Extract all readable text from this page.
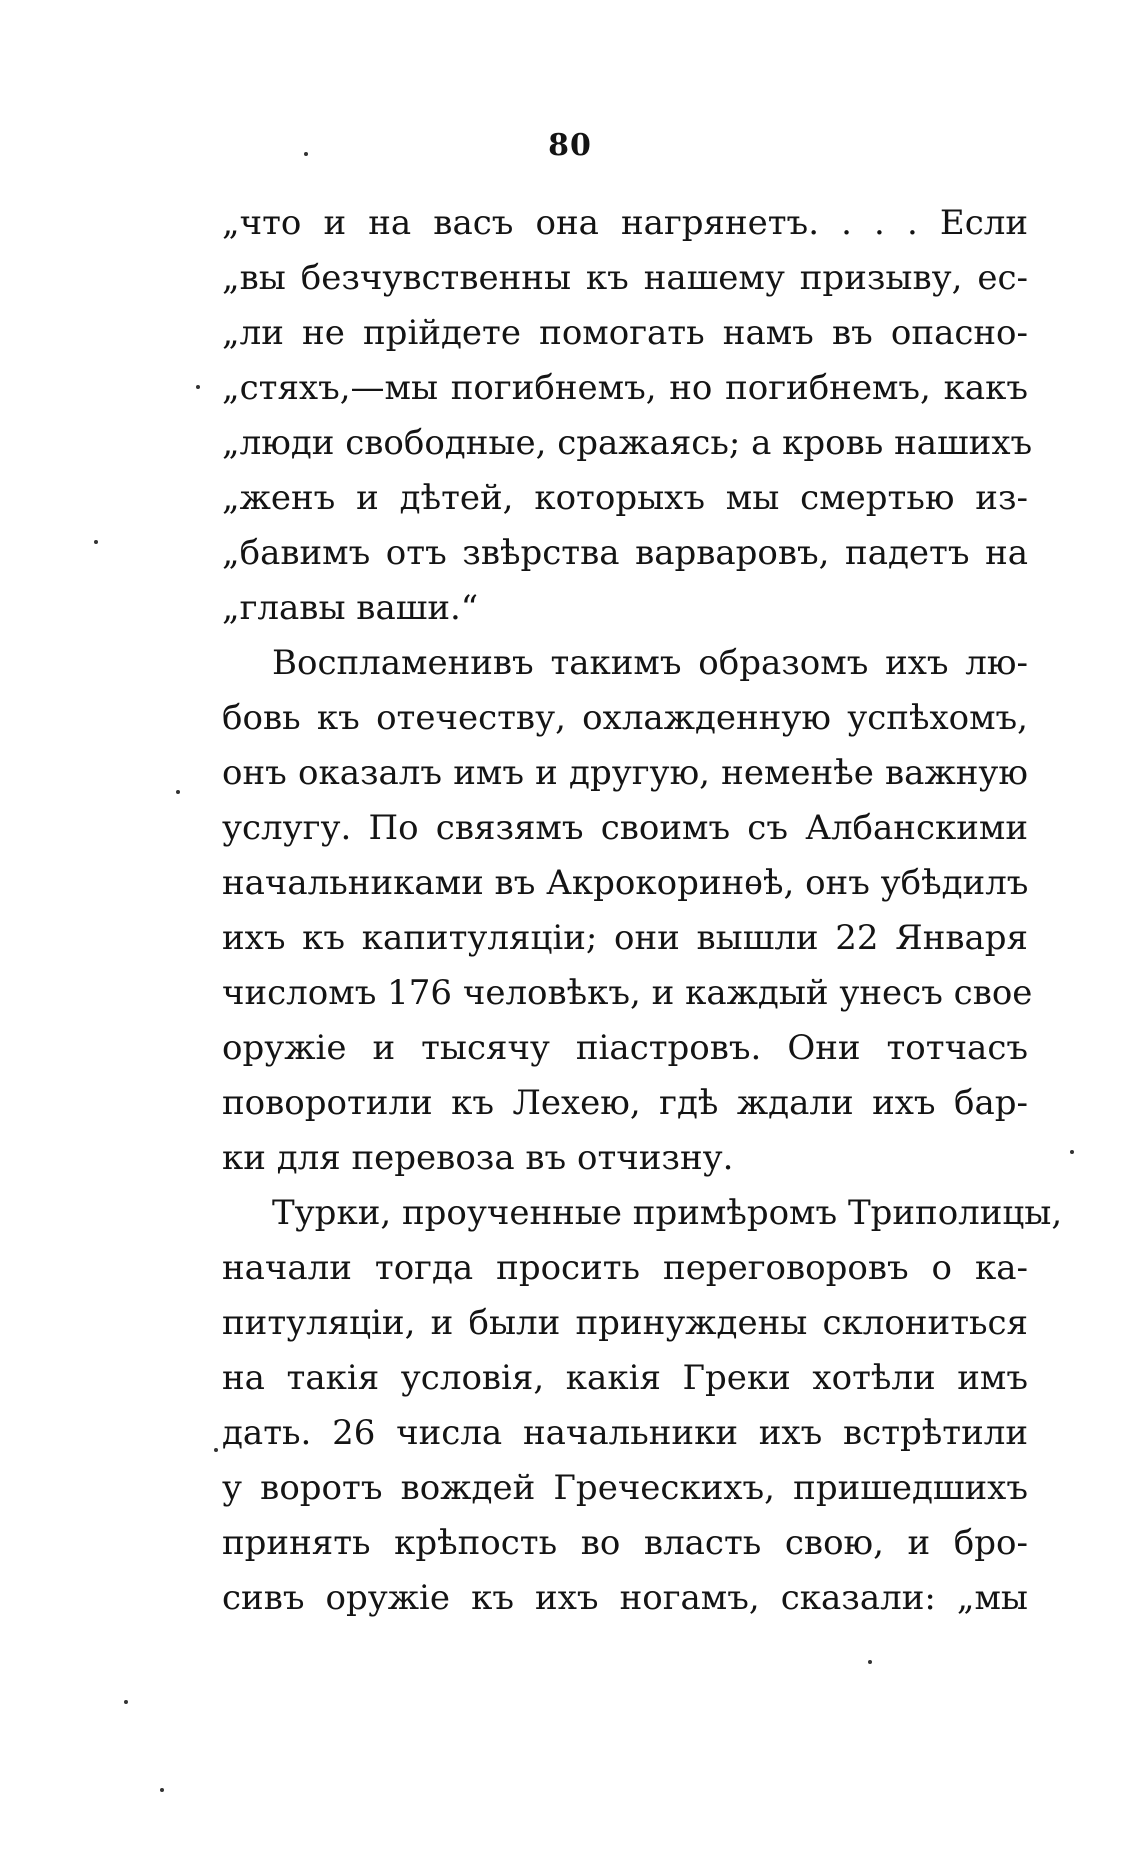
80
„что и на васъ она нагрянетъ. . . . Если
„вы безчувственны къ нашему призыву, ес-
„ли не прійдете помогать намъ въ опасно-
„стяхъ,—мы погибнемъ, но погибнемъ, какъ
„люди свободные, сражаясь; а кровь нашихъ
„женъ и дѣтей, которыхъ мы смертью из-
„бавимъ отъ звѣрства варваровъ, падетъ на
„главы ваши.“
Воспламенивъ такимъ образомъ ихъ лю-
бовь къ отечеству, охлажденную успѣхомъ,
онъ оказалъ имъ и другую, неменѣе важную
услугу. По связямъ своимъ съ Албанскими
начальниками въ Акрокоринѳѣ, онъ убѣдилъ
ихъ къ капитуляціи; они вышли 22 Января
числомъ 176 человѣкъ, и каждый унесъ свое
оружіе и тысячу піастровъ. Они тотчасъ
поворотили къ Лехею, гдѣ ждали ихъ бар-
ки для перевоза въ отчизну.
Турки, проученные примѣромъ Триполицы,
начали тогда просить переговоровъ о ка-
питуляціи, и были принуждены склониться
на такія условія, какія Греки хотѣли имъ
дать. 26 числа начальники ихъ встрѣтили
у воротъ вождей Греческихъ, пришедшихъ
принять крѣпость во власть свою, и бро-
сивъ оружіе къ ихъ ногамъ, сказали: „мы
